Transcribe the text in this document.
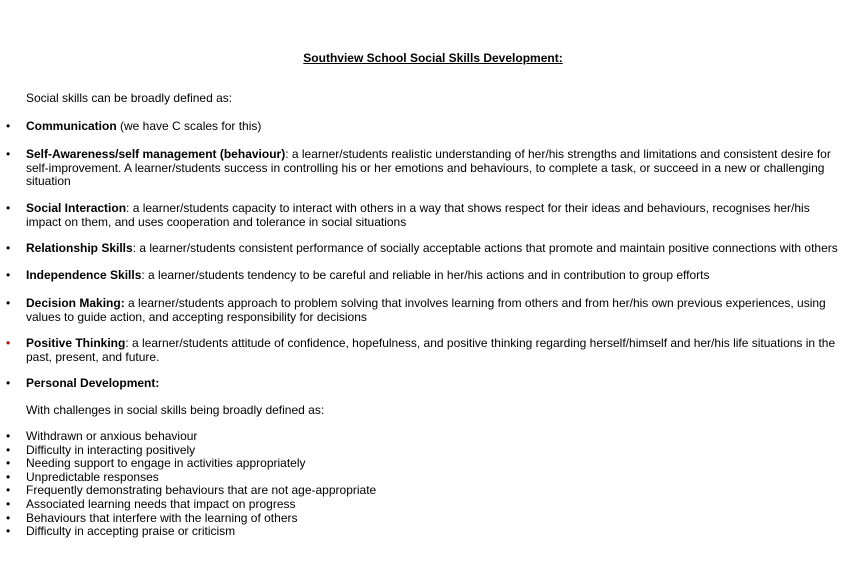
Southview School Social Skills Development:
Social skills can be broadly defined as:
•	Communication (we have C scales for this)
•	Self-Awareness/self management (behaviour): a learner/students realistic understanding of her/his strengths and limitations and consistent desire for self-improvement. A learner/students success in controlling his or her emotions and behaviours, to complete a task, or succeed in a new or challenging situation
•	Social Interaction: a learner/students capacity to interact with others in a way that shows respect for their ideas and behaviours, recognises her/his impact on them, and uses cooperation and tolerance in social situations
•	Relationship Skills: a learner/students consistent performance of socially acceptable actions that promote and maintain positive connections with others
•	Independence Skills: a learner/students tendency to be careful and reliable in her/his actions and in contribution to group efforts
•	Decision Making: a learner/students approach to problem solving that involves learning from others and from her/his own previous experiences, using values to guide action, and accepting responsibility for decisions
•	Positive Thinking: a learner/students attitude of confidence, hopefulness, and positive thinking regarding herself/himself and her/his life situations in the past, present, and future.
•	Personal Development:
With challenges in social skills being broadly defined as:
•	Withdrawn or anxious behaviour
•	Difficulty in interacting positively
•	Needing support to engage in activities appropriately
•	Unpredictable responses
•	Frequently demonstrating behaviours that are not age-appropriate
•	Associated learning needs that impact on progress
•	Behaviours that interfere with the learning of others
•	Difficulty in accepting praise or criticism
